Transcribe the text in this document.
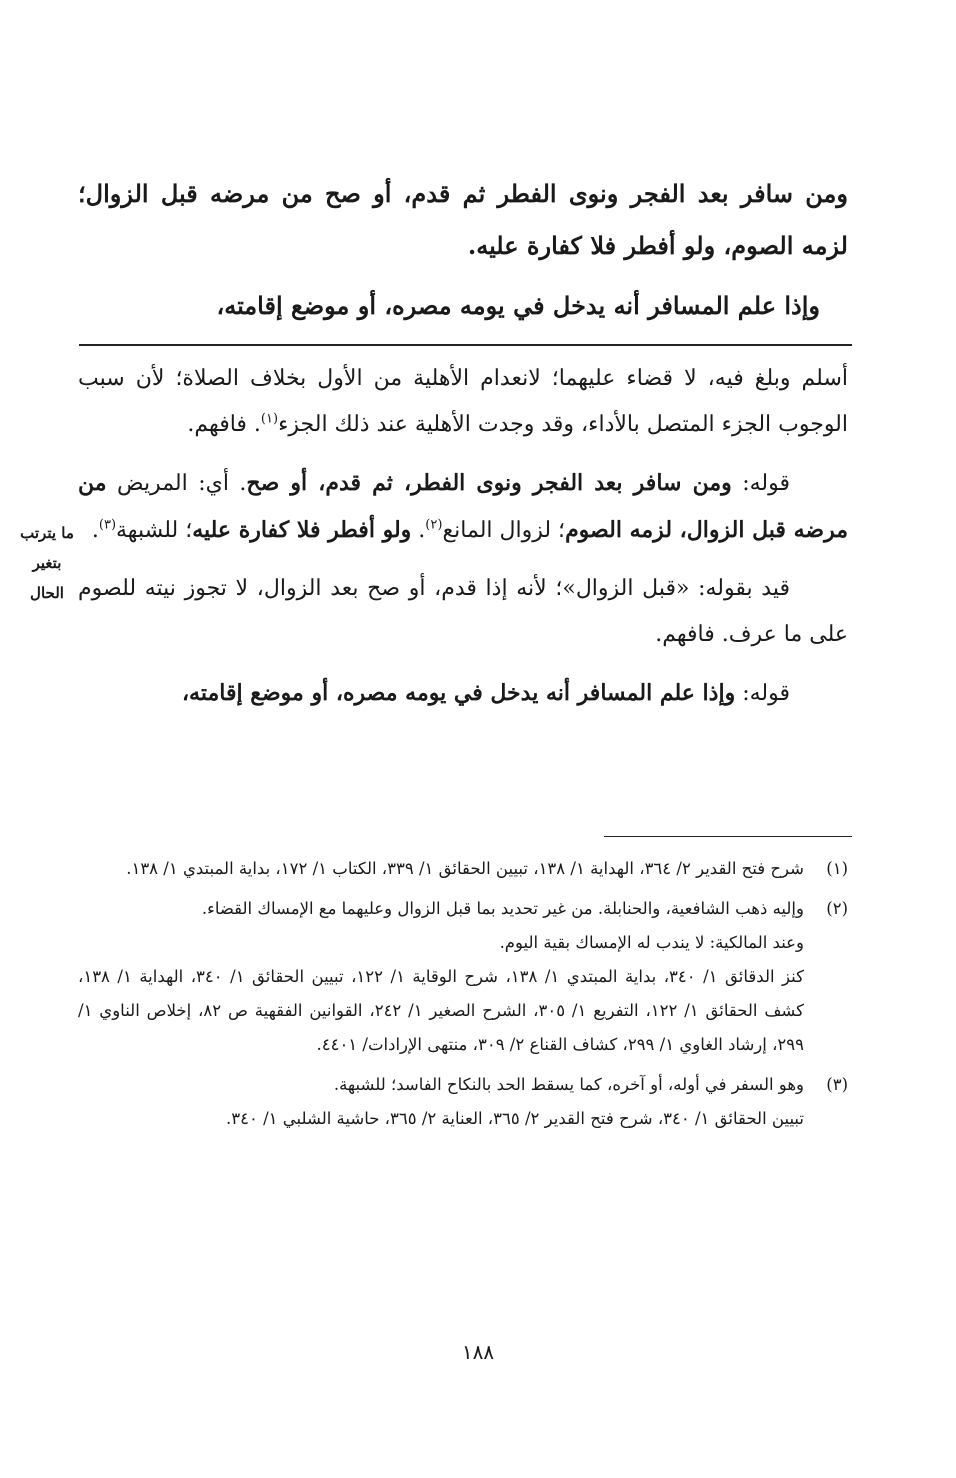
ومن سافر بعد الفجر ونوى الفطر ثم قدم، أو صح من مرضه قبل الزوال؛ لزمه الصوم، ولو أفطر فلا كفارة عليه.

وإذا علم المسافر أنه يدخل في يومه مصره، أو موضع إقامته،

أسلم وبلغ فيه، لا قضاء عليهما؛ لانعدام الأهلية من الأول بخلاف الصلاة؛ لأن سبب الوجوب الجزء المتصل بالأداء، وقد وجدت الأهلية عند ذلك الجزء$^{(١)}$. فافهم.

قوله: ومن سافر بعد الفجر ونوى الفطر، ثم قدم، أو صح. أي: المريض من مرضه قبل الزوال، لزمه الصوم؛ لزوال المانع$^{(٢)}$. ولو أفطر فلا كفارة عليه؛ للشبهة$^{(٣)}$.

قيد بقوله: «قبل الزوال»؛ لأنه إذا قدم، أو صح بعد الزوال، لا تجوز نيته للصوم على ما عرف. فافهم.

قوله: وإذا علم المسافر أنه يدخل في يومه مصره، أو موضع إقامته،

ما يترتب
بتغير
الحال
(١)

شرح فتح القدير ٢/ ٣٦٤، الهداية ١/ ١٣٨، تبيين الحقائق ١/ ٣٣٩، الكتاب ١/ ١٧٢، بداية المبتدي ١/ ١٣٨.

(٢)

وإليه ذهب الشافعية، والحنابلة. من غير تحديد بما قبل الزوال وعليهما مع الإمساك القضاء.

وعند المالكية: لا يندب له الإمساك بقية اليوم.

كنز الدقائق ١/ ٣٤٠، بداية المبتدي ١/ ١٣٨، شرح الوقاية ١/ ١٢٢، تبيين الحقائق ١/ ٣٤٠، الهداية ١/ ١٣٨، كشف الحقائق ١/ ١٢٢، التفريع ١/ ٣٠٥، الشرح الصغير ١/ ٢٤٢، القوانين الفقهية ص ٨٢، إخلاص الناوي ١/ ٢٩٩، إرشاد الغاوي ١/ ٢٩٩، كشاف القناع ٢/ ٣٠٩، منتهى الإرادات/ ٤٤٠١.

(٣)

وهو السفر في أوله، أو آخره، كما يسقط الحد بالنكاح الفاسد؛ للشبهة.

تبيين الحقائق ١/ ٣٤٠، شرح فتح القدير ٢/ ٣٦٥، العناية ٢/ ٣٦٥، حاشية الشلبي ١/ ٣٤٠.

١٨٨
